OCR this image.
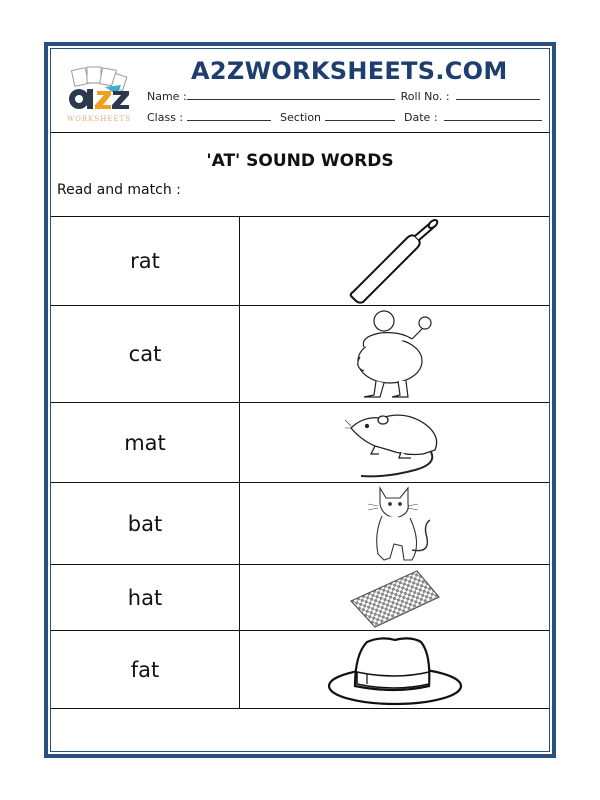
WORKSHEETS
A2ZWORKSHEETS.COM
Name :	Roll No. :
Class :	Section	Date :
'AT' SOUND WORDS
Read and match :
rat
cat
mat
bat
hat
fat
